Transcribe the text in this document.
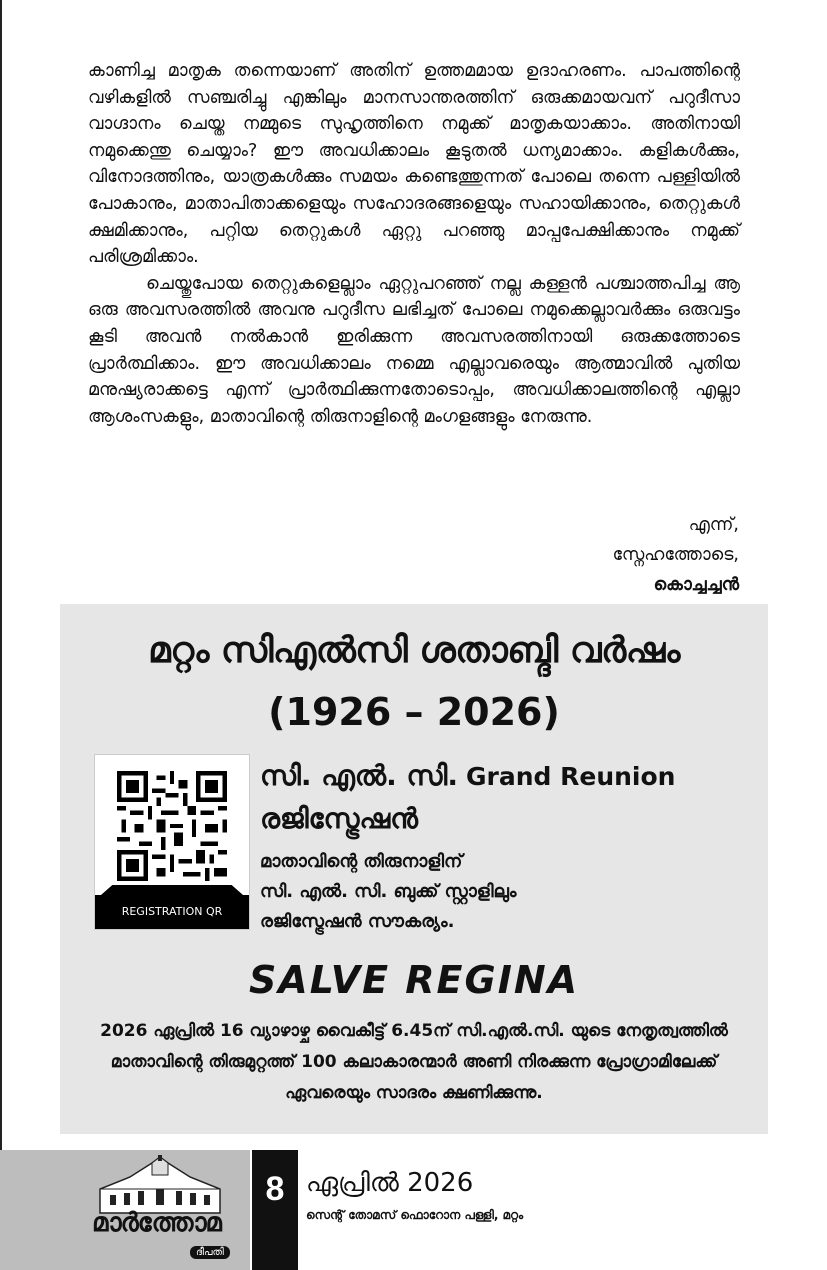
കാണിച്ച മാതൃക തന്നെയാണ് അതിന് ഉത്തമമായ ഉദാഹരണം. പാപത്തിന്റെ വഴികളിൽ സഞ്ചരിച്ചു എങ്കിലും മാനസാന്തരത്തിന് ഒരുക്കമായവന് പറുദീസാ വാഗ്ദാനം ചെയ്ത നമ്മുടെ സുഹൃത്തിനെ നമുക്ക് മാതൃകയാക്കാം. അതിനായി നമുക്കെന്തു ചെയ്യാം? ഈ അവധിക്കാലം കൂടുതൽ ധന്യമാക്കാം. കളികൾക്കും, വിനോദത്തിനും, യാത്രകൾക്കും സമയം കണ്ടെത്തുന്നത് പോലെ തന്നെ പള്ളിയിൽ പോകാനും, മാതാപിതാക്കളെയും സഹോദരങ്ങളെയും സഹായിക്കാനും, തെറ്റുകൾ ക്ഷമിക്കാനും, പറ്റിയ തെറ്റുകൾ ഏറ്റു പറഞ്ഞു മാപ്പപേക്ഷിക്കാനും നമുക്ക് പരിശ്രമിക്കാം.

ചെയ്തുപോയ തെറ്റുകളെല്ലാം ഏറ്റുപറഞ്ഞ് നല്ല കള്ളൻ പശ്ചാത്തപിച്ച ആ ഒരു അവസരത്തിൽ അവനു പറുദീസ ലഭിച്ചത് പോലെ നമുക്കെല്ലാവർക്കും ഒരുവട്ടം കൂടി അവൻ നൽകാൻ ഇരിക്കുന്ന അവസരത്തിനായി ഒരുക്കത്തോടെ പ്രാർത്ഥിക്കാം. ഈ അവധിക്കാലം നമ്മെ എല്ലാവരെയും ആത്മാവിൽ പുതിയ മനുഷ്യരാക്കട്ടെ എന്ന് പ്രാർത്ഥിക്കുന്നതോടൊപ്പം, അവധിക്കാലത്തിന്റെ എല്ലാ ആശംസകളും, മാതാവിന്റെ തിരുനാളിന്റെ മംഗളങ്ങളും നേരുന്നു.

എന്ന്,
സ്നേഹത്തോടെ,
കൊച്ചച്ചൻ
മറ്റം സിഎൽസി ശതാബ്ദി വർഷം
(1926 – 2026)
REGISTRATION QR
സി. എൽ. സി. Grand Reunion
രജിസ്ട്രേഷൻ
മാതാവിന്റെ തിരുനാളിന്
സി. എൽ. സി. ബുക്ക് സ്റ്റാളിലും
രജിസ്ട്രേഷൻ സൗകര്യം.
SALVE REGINA
2026 ഏപ്രിൽ 16 വ്യാഴാഴ്ച വൈകീട്ട് 6.45ന് സി.എൽ.സി. യുടെ നേതൃത്വത്തിൽ
മാതാവിന്റെ തിരുമുറ്റത്ത് 100 കലാകാരന്മാർ അണി നിരക്കുന്ന പ്രോഗ്രാമിലേക്ക്
ഏവരെയും സാദരം ക്ഷണിക്കുന്നു.
മാർത്തോമ
ദീപതി
8 ഏപ്രിൽ 2026
സെന്റ് തോമസ് ഫൊറോന പള്ളി, മറ്റം
